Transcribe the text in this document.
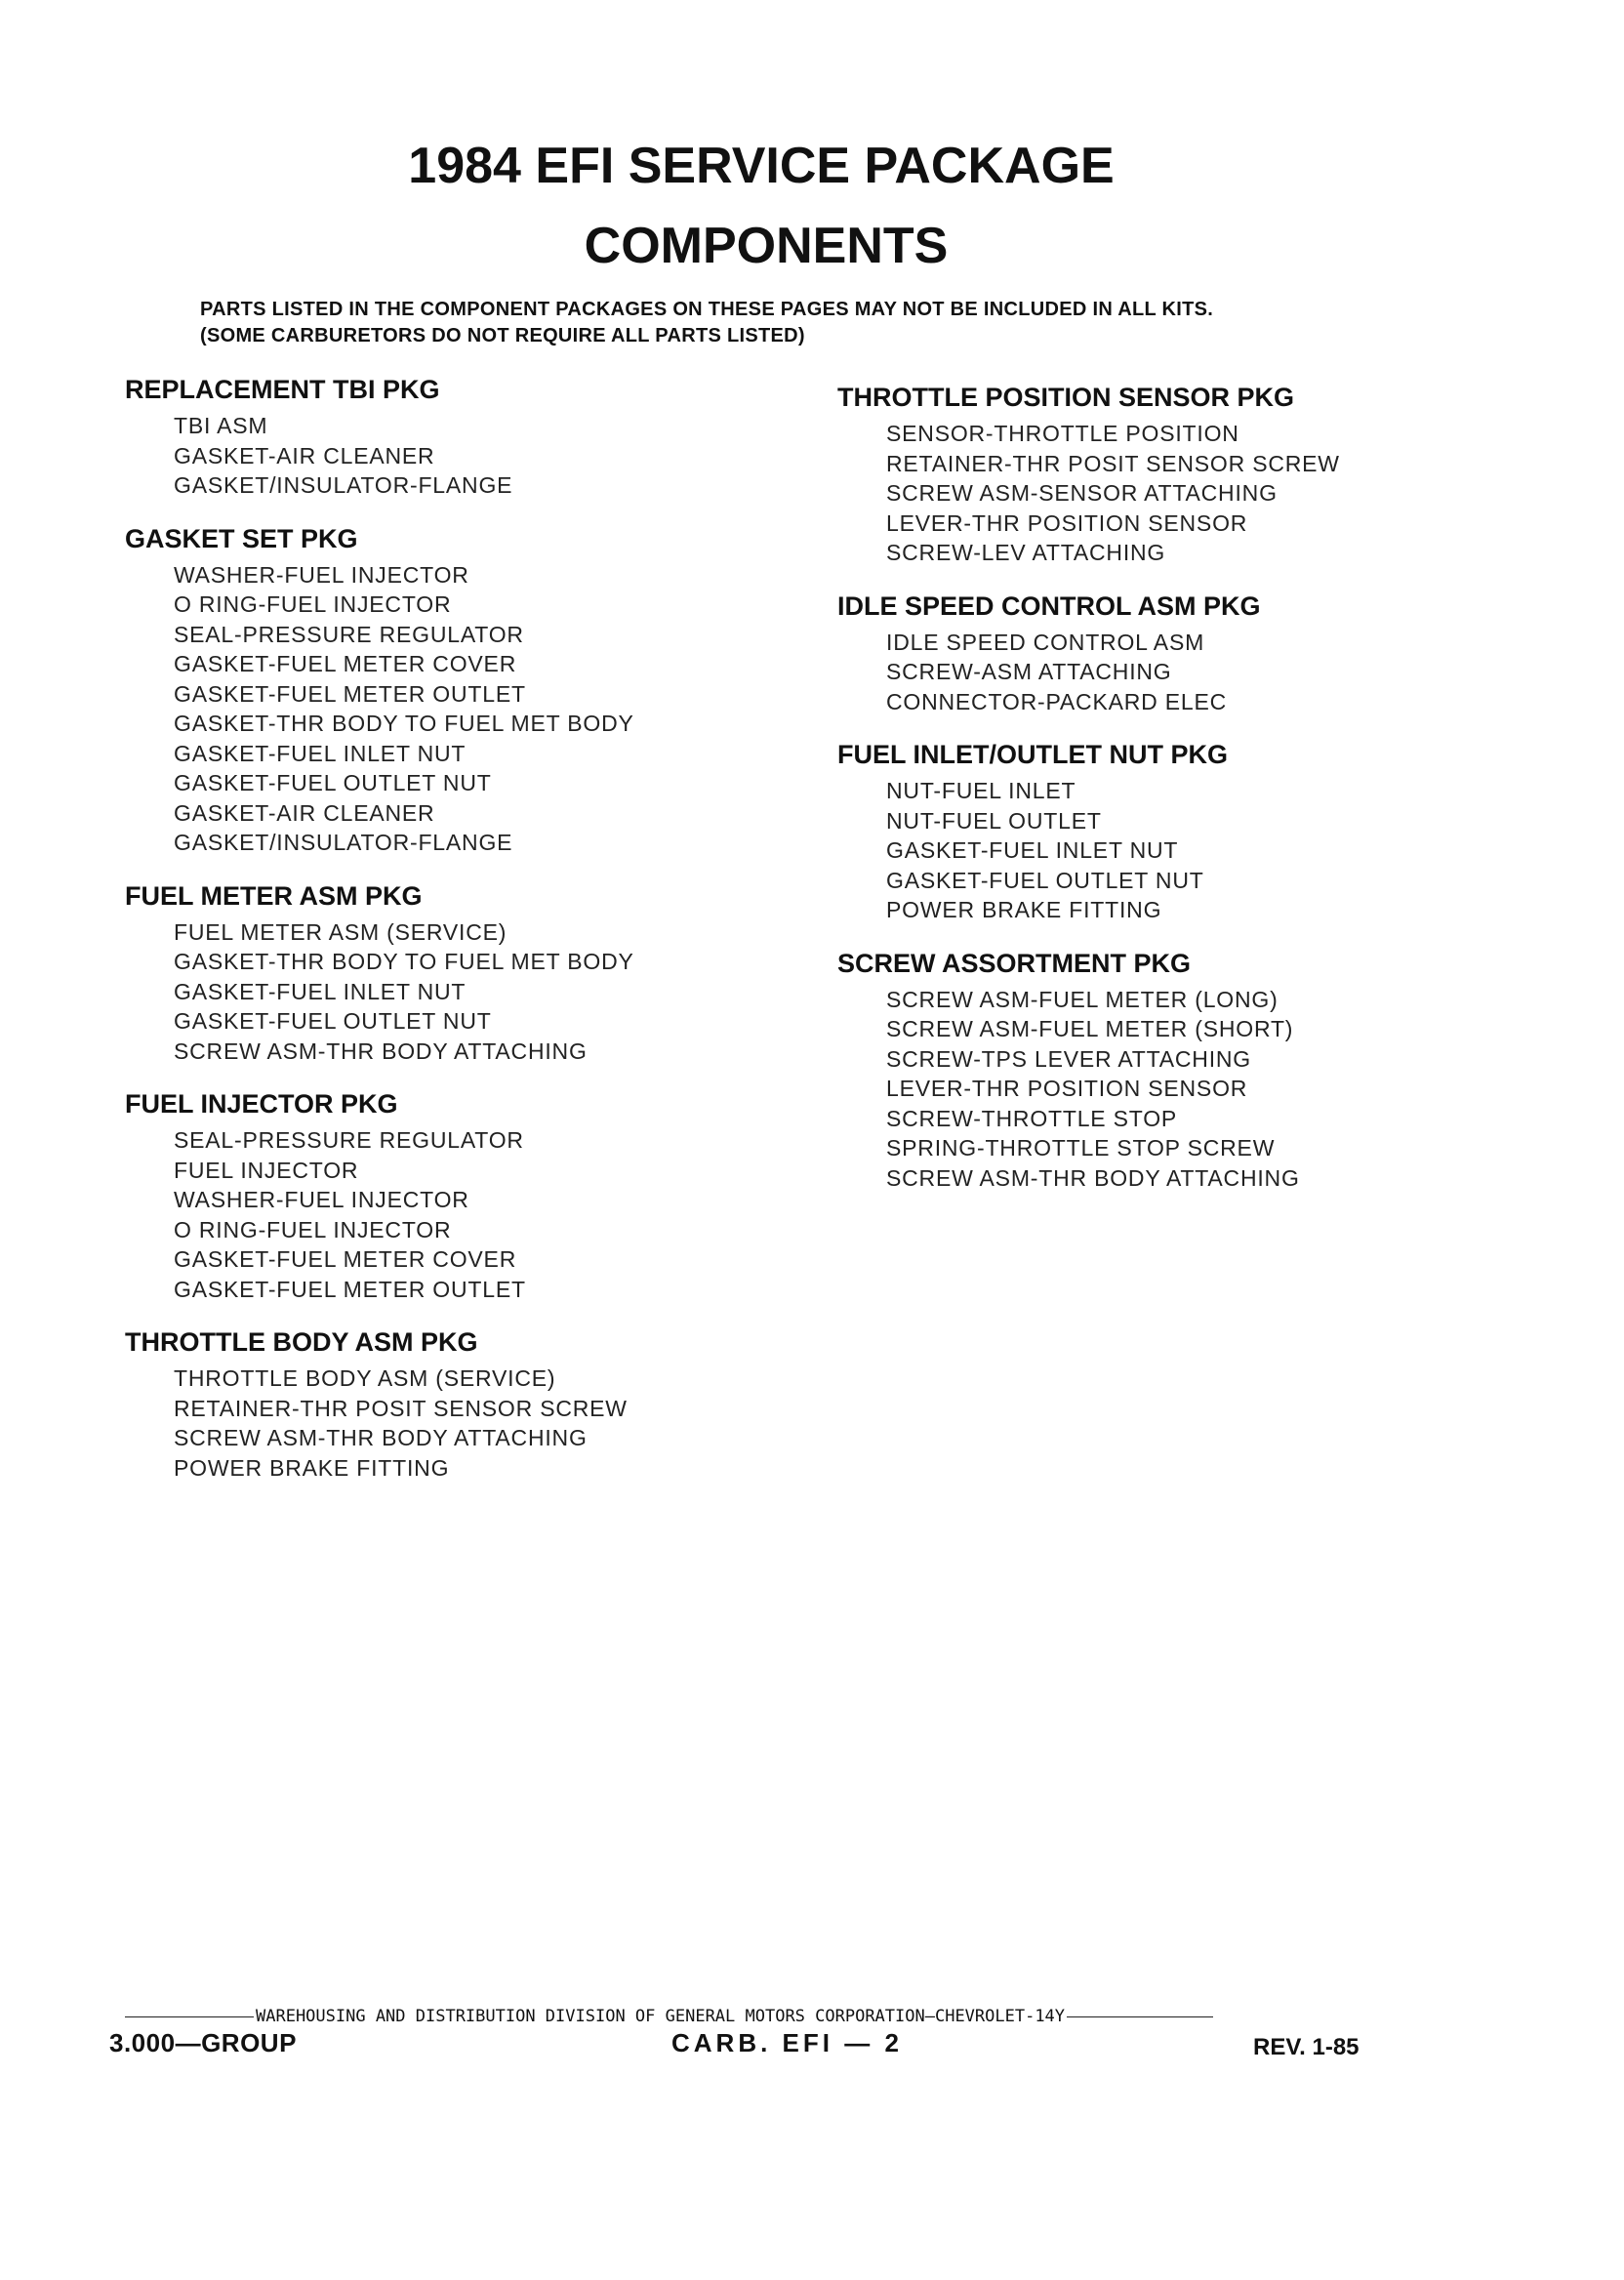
1984 EFI SERVICE PACKAGE
COMPONENTS

PARTS LISTED IN THE COMPONENT PACKAGES ON THESE PAGES MAY NOT BE INCLUDED IN ALL KITS.

(SOME CARBURETORS DO NOT REQUIRE ALL PARTS LISTED)

REPLACEMENT TBI PKG
TBI ASM
GASKET-AIR CLEANER
GASKET/INSULATOR-FLANGE
GASKET SET PKG
WASHER-FUEL INJECTOR
O RING-FUEL INJECTOR
SEAL-PRESSURE REGULATOR
GASKET-FUEL METER COVER
GASKET-FUEL METER OUTLET
GASKET-THR BODY TO FUEL MET BODY
GASKET-FUEL INLET NUT
GASKET-FUEL OUTLET NUT
GASKET-AIR CLEANER
GASKET/INSULATOR-FLANGE
FUEL METER ASM PKG
FUEL METER ASM (SERVICE)
GASKET-THR BODY TO FUEL MET BODY
GASKET-FUEL INLET NUT
GASKET-FUEL OUTLET NUT
SCREW ASM-THR BODY ATTACHING
FUEL INJECTOR PKG
SEAL-PRESSURE REGULATOR
FUEL INJECTOR
WASHER-FUEL INJECTOR
O RING-FUEL INJECTOR
GASKET-FUEL METER COVER
GASKET-FUEL METER OUTLET
THROTTLE BODY ASM PKG
THROTTLE BODY ASM (SERVICE)
RETAINER-THR POSIT SENSOR SCREW
SCREW ASM-THR BODY ATTACHING
POWER BRAKE FITTING
THROTTLE POSITION SENSOR PKG
SENSOR-THROTTLE POSITION
RETAINER-THR POSIT SENSOR SCREW
SCREW ASM-SENSOR ATTACHING
LEVER-THR POSITION SENSOR
SCREW-LEV ATTACHING
IDLE SPEED CONTROL ASM PKG
IDLE SPEED CONTROL ASM
SCREW-ASM ATTACHING
CONNECTOR-PACKARD ELEC
FUEL INLET/OUTLET NUT PKG
NUT-FUEL INLET
NUT-FUEL OUTLET
GASKET-FUEL INLET NUT
GASKET-FUEL OUTLET NUT
POWER BRAKE FITTING
SCREW ASSORTMENT PKG
SCREW ASM-FUEL METER (LONG)
SCREW ASM-FUEL METER (SHORT)
SCREW-TPS LEVER ATTACHING
LEVER-THR POSITION SENSOR
SCREW-THROTTLE STOP
SPRING-THROTTLE STOP SCREW
SCREW ASM-THR BODY ATTACHING
WAREHOUSING AND DISTRIBUTION DIVISION OF GENERAL MOTORS CORPORATION—CHEVROLET-14Y
3.000—GROUP	CARB. EFI — 2	REV. 1-85
